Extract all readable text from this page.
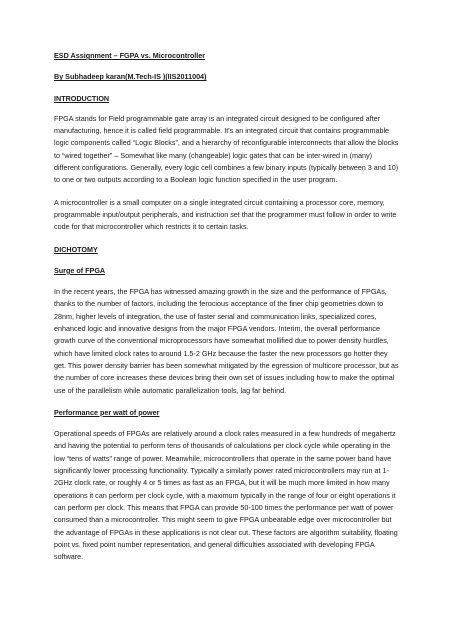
ESD Assignment – FGPA vs. Microcontroller

By Subhadeep karan(M.Tech-IS )(IIS2011004)

INTRODUCTION

FPGA stands for Field programmable gate array is an integrated circuit designed to be configured after manufacturing, hence it is called field programmable. It’s an integrated circuit that contains programmable logic components called “Logic Blocks”, and a hierarchy of reconfigurable interconnects that allow the blocks to “wired together” – Somewhat like many (changeable) logic gates that can be inter-wired in (many) different configurations. Generally, every logic cell combines a few binary inputs (typically between 3 and 10) to one or two outputs according to a Boolean logic function specified in the user program.

A microcontroller is a small computer on a single integrated circuit containing a processor core, memory, programmable input/output peripherals, and instruction set that the programmer must follow in order to write code for that microcontroller which restricts it to certain tasks.

DICHOTOMY

Surge of FPGA

In the recent years, the FPGA has witnessed amazing growth in the size and the performance of FPGAs, thanks to the number of factors, including the ferocious acceptance of the finer chip geometries down to 28nm, higher levels of integration, the use of faster serial and communication links, specialized cores, enhanced logic and innovative designs from the major FPGA vendors. Interim, the overall performance growth curve of the conventional microprocessors have somewhat mollified due to power density hurdles, which have limited clock rates to around 1.5-2 GHz because the faster the new processors go hotter they get. This power density barrier has been somewhat mitigated by the egression of multicore processor, but as the number of core increases these devices bring their own set of issues including how to make the optimal use of the parallelism while automatic parallelization tools, lag far behind.

Performance per watt of power

Operational speeds of FPGAs are relatively around a clock rates measured in a few hundreds of megahertz and having the potential to perform tens of thousands of calculations per clock cycle while operating in the low “tens of watts” range of power. Meanwhile, microcontrollers that operate in the same power band have significantly lower processing functionality. Typically a similarly power rated microcontrollers may run at 1-2GHz clock rate, or roughly 4 or 5 times as fast as an FPGA, but it will be much more limited in how many operations it can perform per clock cycle, with a maximum typically in the range of four or eight operations it can perform per clock. This means that FPGA can provide 50-100 times the performance per watt of power consumed than a microcontroller. This might seem to give FPGA unbeatable edge over microcontroller but the advantage of FPGAs in these applications is not clear cut. These factors are algorithm suitability, floating point vs. fixed point number representation, and general difficulties associated with developing FPGA software.
